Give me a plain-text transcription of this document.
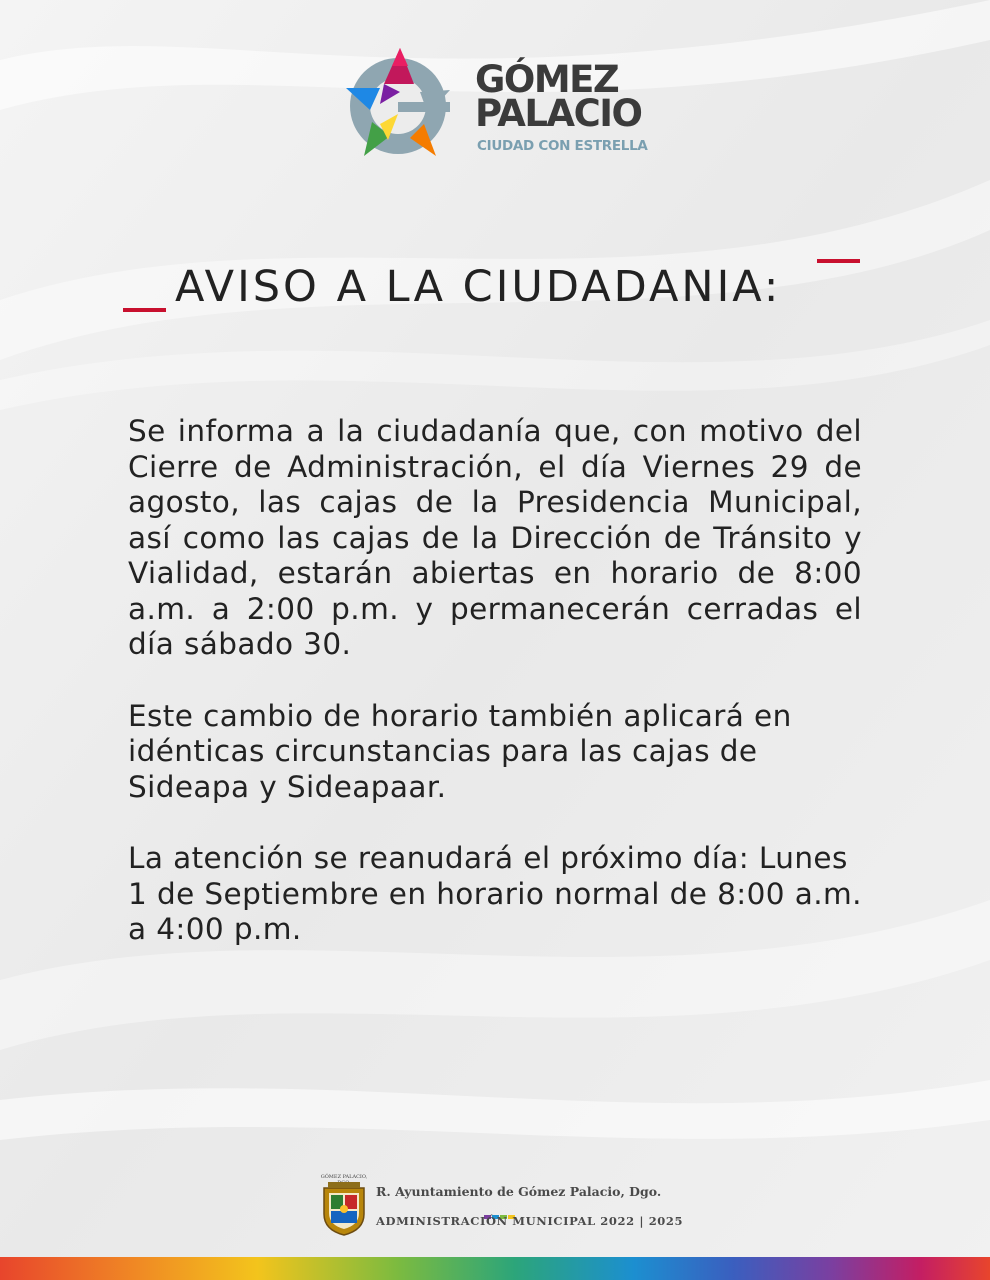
GÓMEZ
PALACIO
CIUDAD CON ESTRELLA
AVISO A LA CIUDADANIA:

Se informa a la ciudadanía que, con motivo del Cierre de Administración, el día Viernes 29 de agosto, las cajas de la Presidencia Municipal, así como las cajas de la Dirección de Tránsito y Vialidad, estarán abiertas en horario de 8:00 a.m. a 2:00 p.m. y permanecerán cerradas el día sábado 30.

Este cambio de horario también aplicará en idénticas circunstancias para las cajas de Sideapa y Sideapaar.

La atención se reanudará el próximo día: Lunes 1 de Septiembre en horario normal de 8:00 a.m. a 4:00 p.m.

GÓMEZ PALACIO,
R. Ayuntamiento de Gómez Palacio, Dgo.
ADMINISTRACIÓN MUNICIPAL 2022 | 2025
